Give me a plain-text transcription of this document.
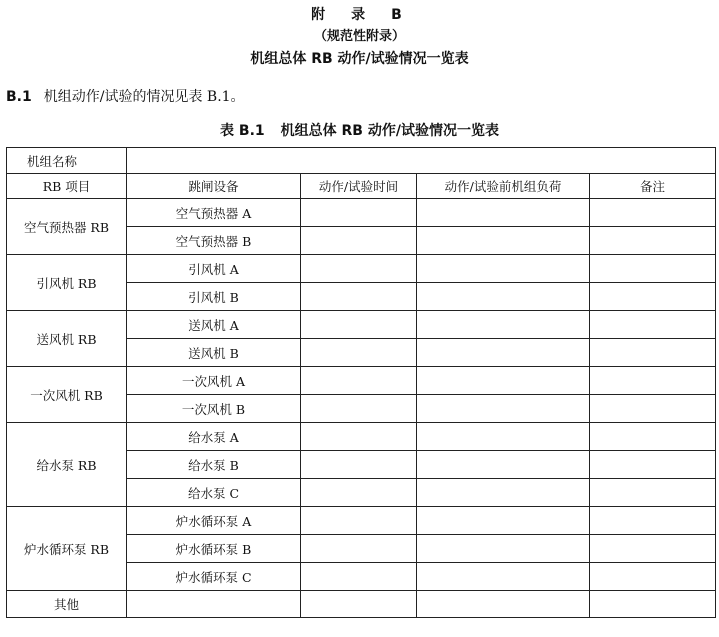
附　录　B
（规范性附录）
机组总体 RB 动作/试验情况一览表
B.1 机组动作/试验的情况见表 B.1。
表 B.1 机组总体 RB 动作/试验情况一览表
机组名称				
RB 项目	跳闸设备	动作/试验时间	动作/试验前机组负荷	备注
空气预热器 RB	空气预热器 A			
	空气预热器 B			
引风机 RB	引风机 A			
	引风机 B			
送风机 RB	送风机 A			
	送风机 B			
一次风机 RB	一次风机 A			
	一次风机 B			
给水泵 RB	给水泵 A			
	给水泵 B			
	给水泵 C			
炉水循环泵 RB	炉水循环泵 A			
	炉水循环泵 B			
	炉水循环泵 C			
其他				
